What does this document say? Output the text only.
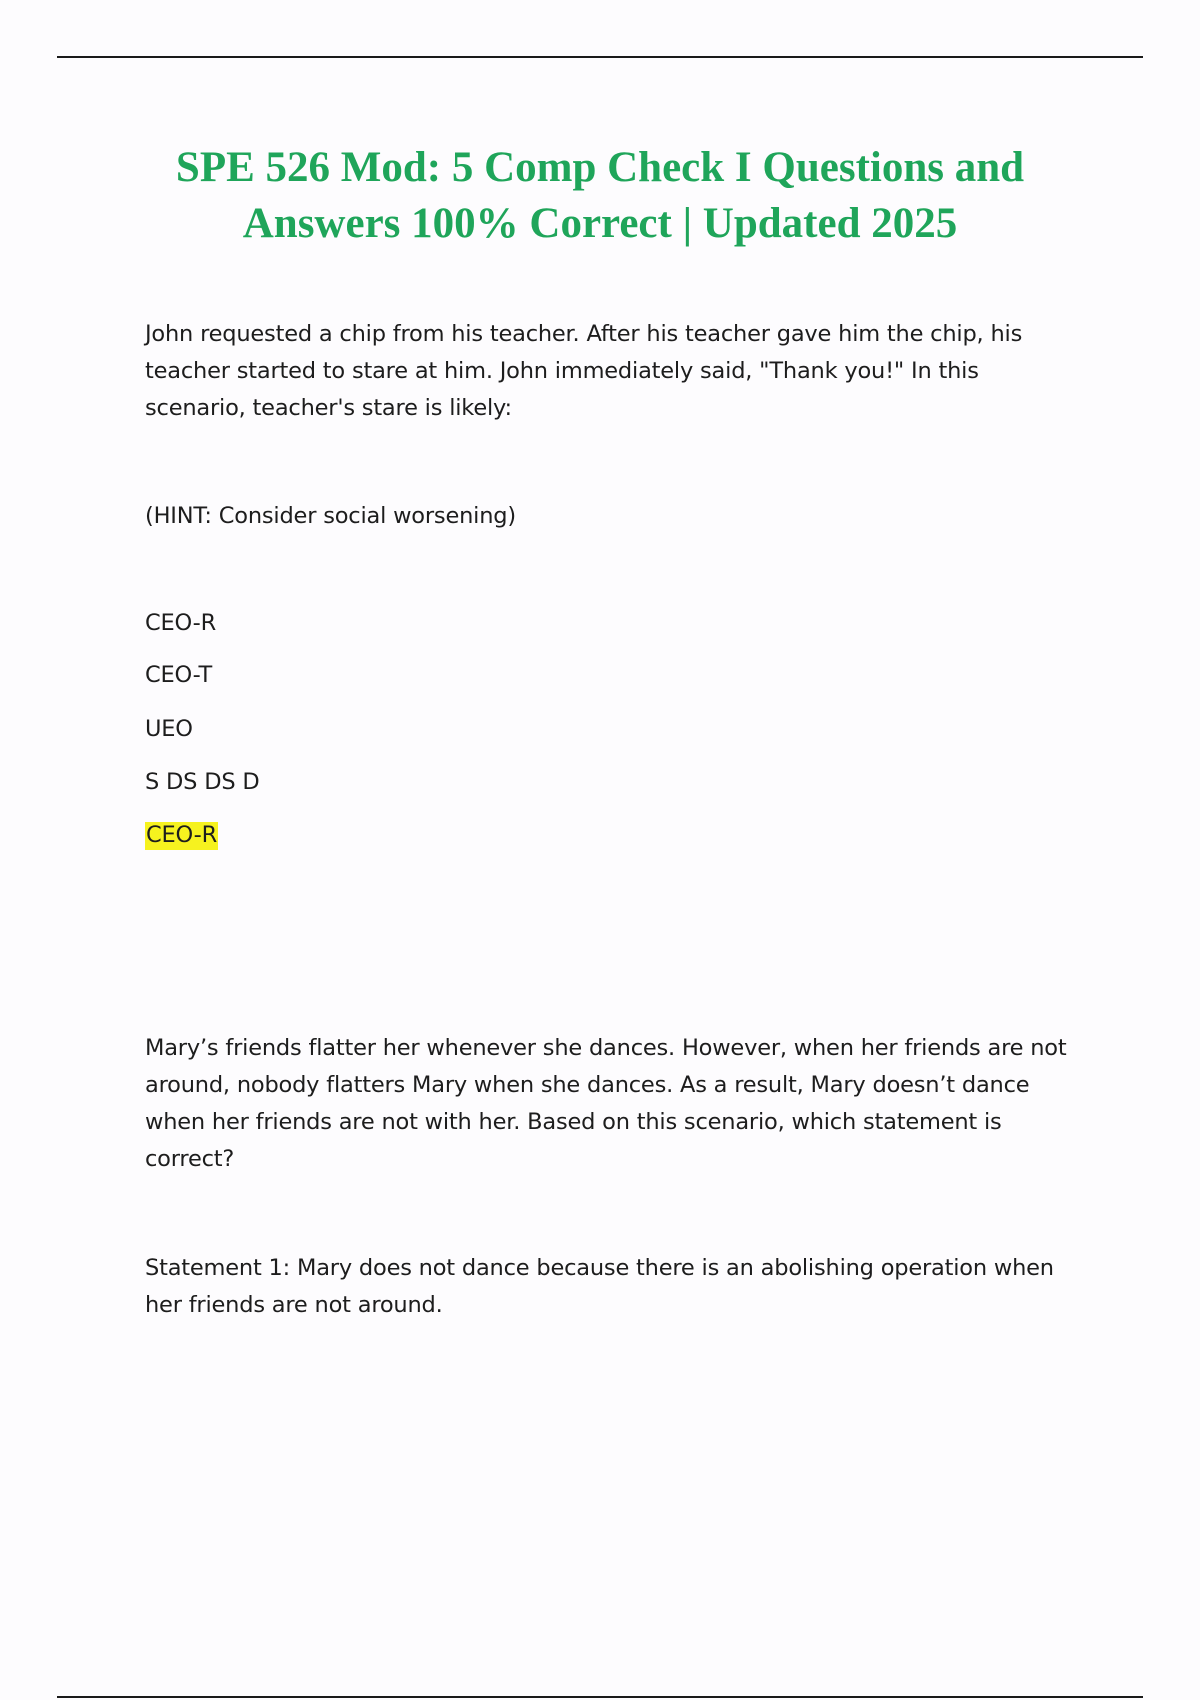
SPE 526 Mod: 5 Comp Check I Questions and Answers 100% Correct | Updated 2025

John requested a chip from his teacher. After his teacher gave him the chip, his teacher started to stare at him. John immediately said, "Thank you!" In this scenario, teacher's stare is likely:

(HINT: Consider social worsening)

CEO-R

CEO-T

UEO

S DS DS D

CEO-R

Mary’s friends flatter her whenever she dances. However, when her friends are not around, nobody flatters Mary when she dances. As a result, Mary doesn’t dance when her friends are not with her. Based on this scenario, which statement is correct?

Statement 1: Mary does not dance because there is an abolishing operation when her friends are not around.
